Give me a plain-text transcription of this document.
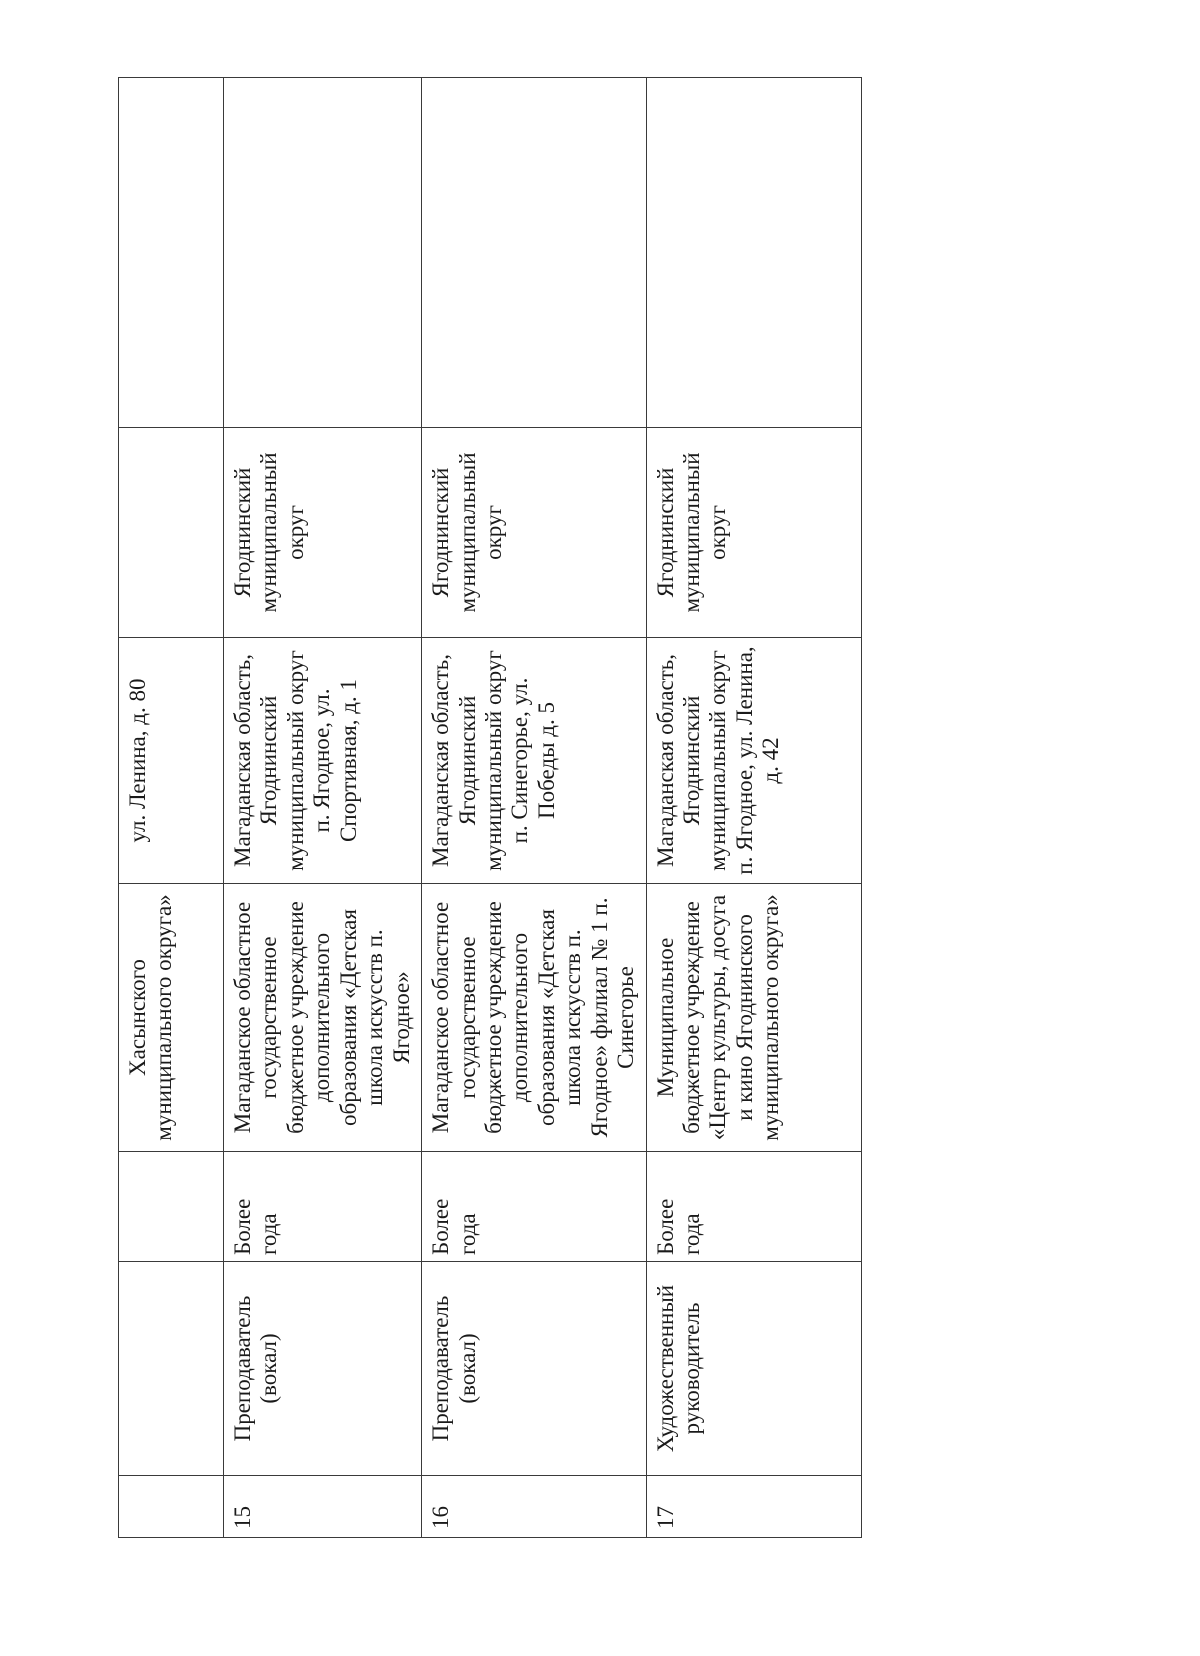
			Хасынского муниципального округа»	ул. Ленина, д. 80		
15	Преподаватель (вокал)	Более года	Магаданское областное государственное бюджетное учреждение дополнительного образования «Детская школа искусств п. Ягодное»	Магаданская область, Ягоднинский муниципальный округ п. Ягодное, ул. Спортивная, д. 1	Ягоднинский муниципальный округ	
16	Преподаватель (вокал)	Более года	Магаданское областное государственное бюджетное учреждение дополнительного образования «Детская школа искусств п. Ягодное» филиал № 1 п. Синегорье	Магаданская область, Ягоднинский муниципальный округ п. Синегорье, ул. Победы д. 5	Ягоднинский муниципальный округ	
17	Художественный руководитель	Более года	Муниципальное бюджетное учреждение «Центр культуры, досуга и кино Ягоднинского муниципального округа»	Магаданская область, Ягоднинский муниципальный округ п. Ягодное, ул. Ленина, д. 42	Ягоднинский муниципальный округ	
